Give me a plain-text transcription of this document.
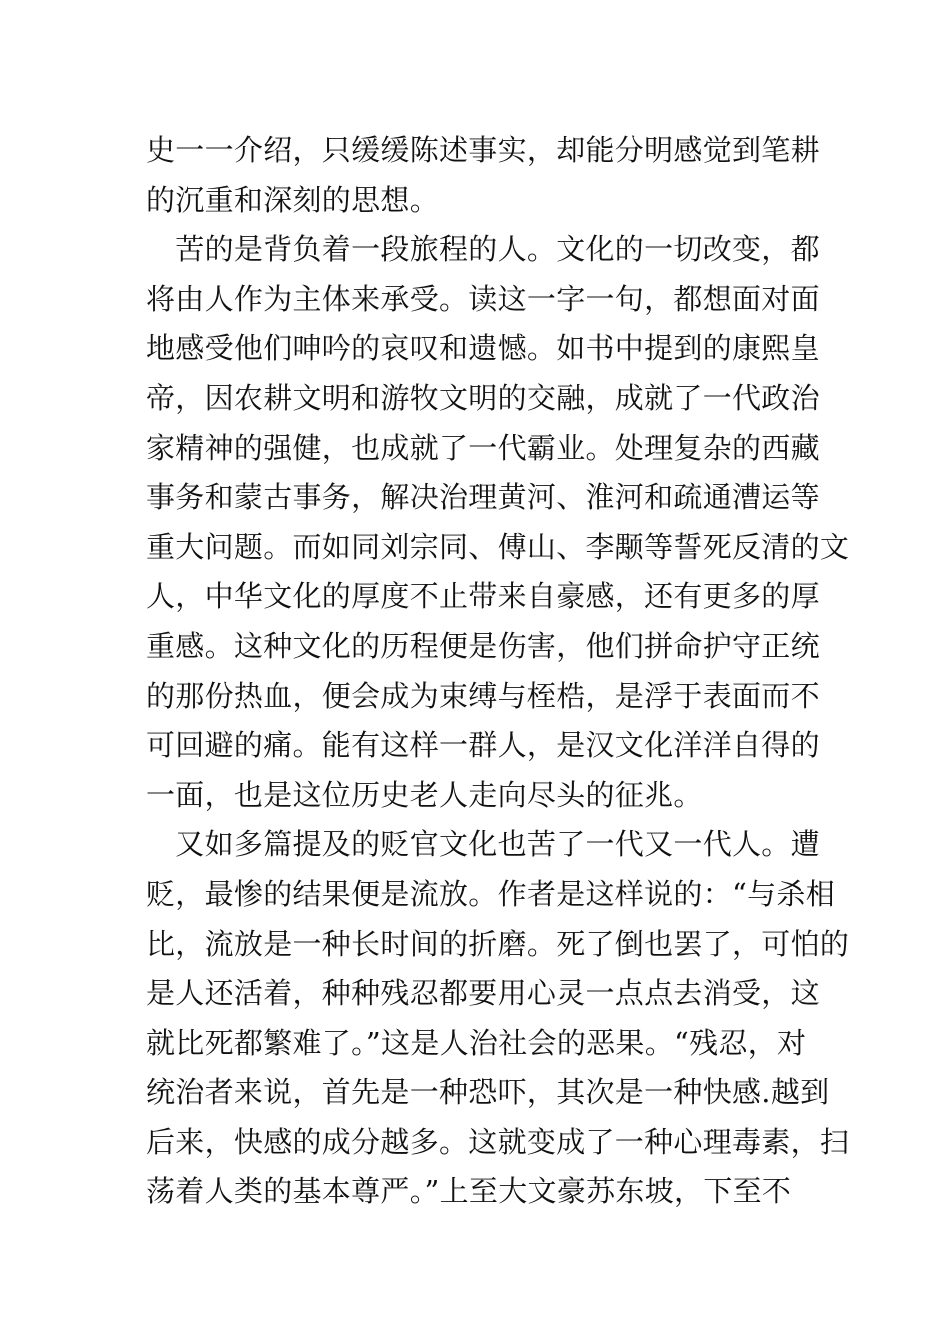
史一一介绍，只缓缓陈述事实，却能分明感觉到笔耕
的沉重和深刻的思想。
　苦的是背负着一段旅程的人。文化的一切改变，都
将由人作为主体来承受。读这一字一句，都想面对面
地感受他们呻吟的哀叹和遗憾。如书中提到的康熙皇
帝，因农耕文明和游牧文明的交融，成就了一代政治
家精神的强健，也成就了一代霸业。处理复杂的西藏
事务和蒙古事务，解决治理黄河、淮河和疏通漕运等
重大问题。而如同刘宗同、傅山、李颙等誓死反清的文
人，中华文化的厚度不止带来自豪感，还有更多的厚
重感。这种文化的历程便是伤害，他们拼命护守正统
的那份热血，便会成为束缚与桎梏，是浮于表面而不
可回避的痛。能有这样一群人，是汉文化洋洋自得的
一面，也是这位历史老人走向尽头的征兆。
　又如多篇提及的贬官文化也苦了一代又一代人。遭
贬，最惨的结果便是流放。作者是这样说的：“与杀相
比，流放是一种长时间的折磨。死了倒也罢了，可怕的
是人还活着，种种残忍都要用心灵一点点去消受，这
就比死都繁难了。”这是人治社会的恶果。“残忍，对
统治者来说，首先是一种恐吓，其次是一种快感.越到
后来，快感的成分越多。这就变成了一种心理毒素，扫
荡着人类的基本尊严。”上至大文豪苏东坡，下至不
